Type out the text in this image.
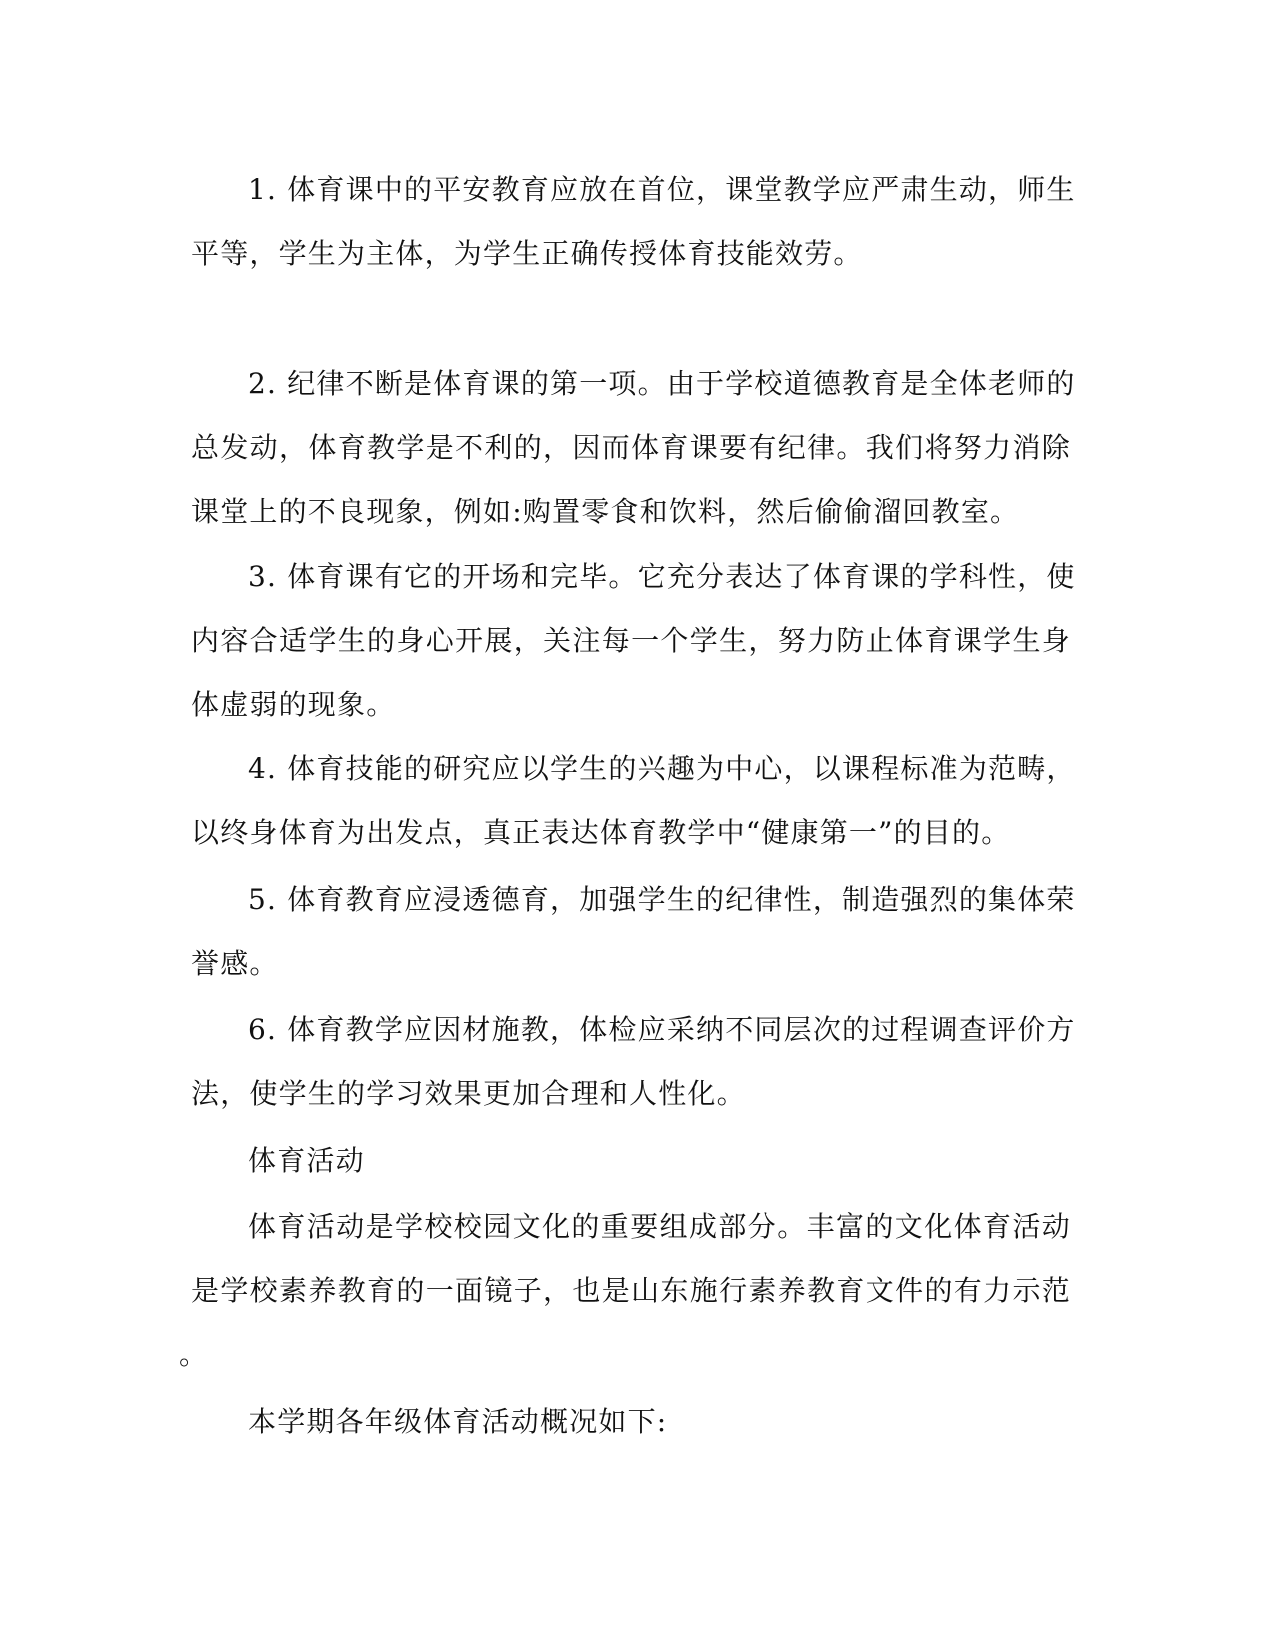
1. 体育课中的平安教育应放在首位，课堂教学应严肃生动，师生
平等，学生为主体，为学生正确传授体育技能效劳。

2. 纪律不断是体育课的第一项。由于学校道德教育是全体老师的
总发动，体育教学是不利的，因而体育课要有纪律。我们将努力消除
课堂上的不良现象，例如:购置零食和饮料，然后偷偷溜回教室。

3. 体育课有它的开场和完毕。它充分表达了体育课的学科性，使
内容合适学生的身心开展，关注每一个学生，努力防止体育课学生身
体虚弱的现象。

4. 体育技能的研究应以学生的兴趣为中心，以课程标准为范畴，
以终身体育为出发点，真正表达体育教学中“健康第一”的目的。

5. 体育教育应浸透德育，加强学生的纪律性，制造强烈的集体荣
誉感。

6. 体育教学应因材施教，体检应采纳不同层次的过程调查评价方
法，使学生的学习效果更加合理和人性化。

体育活动

体育活动是学校校园文化的重要组成部分。丰富的文化体育活动
是学校素养教育的一面镜子，也是山东施行素养教育文件的有力示范
。

本学期各年级体育活动概况如下:
